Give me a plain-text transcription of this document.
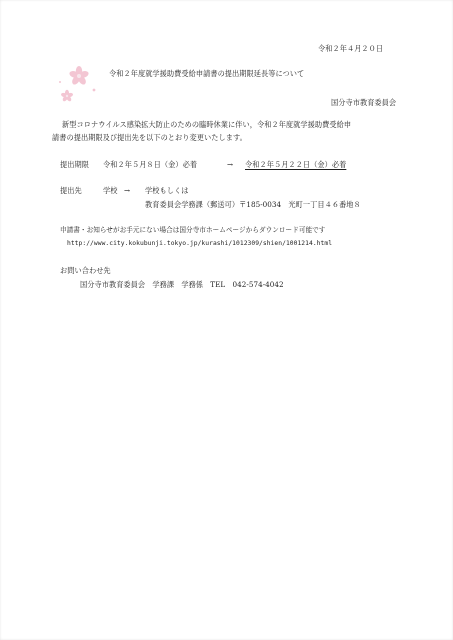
令和２年４月２０日
令和２年度就学援助費受給申請書の提出期限延長等について
国分寺市教育委員会
新型コロナウイルス感染拡大防止のための臨時休業に伴い，令和２年度就学援助費受給申
請書の提出期限及び提出先を以下のとおり変更いたします。
提出期限 令和２年５月８日（金）必着	→ 令和２年５月２２日（金）必着
提出先	学校 → 学校もしくは
教育委員会学務課（郵送可）〒185-0034　光町一丁目４６番地８
申請書・お知らせがお手元にない場合は国分寺市ホームページからダウンロード可能です
http://www.city.kokubunji.tokyo.jp/kurashi/1012309/shien/1001214.html
お問い合わせ先
国分寺市教育委員会　学務課　学務係　TEL　042-574-4042
